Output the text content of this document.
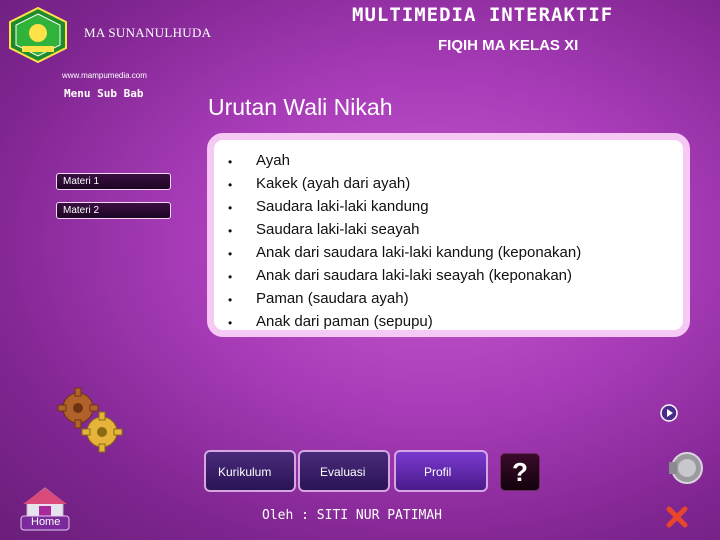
MA SUNANULHUDA
MULTIMEDIA INTERAKTIF
FIQIH MA KELAS XI
www.mampumedia.com
Menu Sub Bab
Materi 1
Materi 2
Urutan Wali Nikah
•	Ayah
•	Kakek (ayah dari ayah)
•	Saudara laki-laki kandung
•	Saudara laki-laki seayah
•	Anak dari saudara laki-laki kandung (keponakan)
•	Anak dari saudara laki-laki seayah (keponakan)
•	Paman (saudara ayah)
•	Anak dari paman (sepupu)
Kurikulum	Evaluasi	Profil	?
Oleh : SITI NUR PATIMAH
Home
